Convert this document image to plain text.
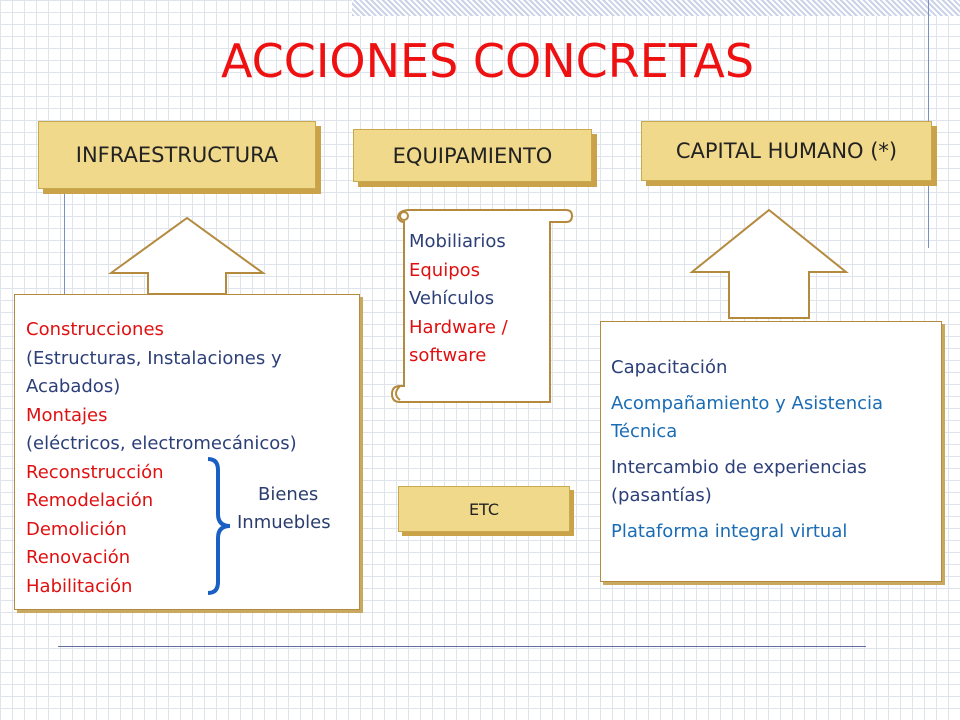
ACCIONES CONCRETAS
INFRAESTRUCTURA	EQUIPAMIENTO	CAPITAL HUMANO (*)
Construcciones
(Estructuras, Instalaciones y
Acabados)
Montajes
(eléctricos, electromecánicos)
Reconstrucción
Remodelación
Demolición
Renovación
Habilitación
Bienes
Inmuebles
Mobiliarios
Equipos
Vehículos
Hardware /
software
ETC
Capacitación
Acompañamiento y Asistencia
Técnica
Intercambio de experiencias
(pasantías)
Plataforma integral virtual
